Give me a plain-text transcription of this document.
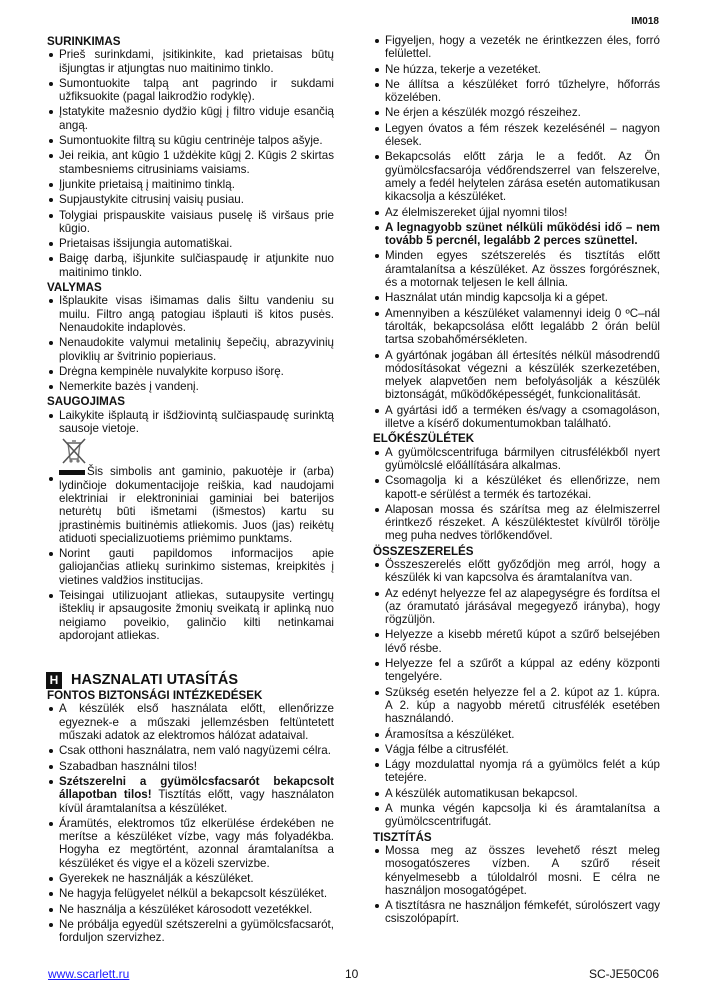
IM018
SURINKIMAS
Prieš surinkdami, įsitikinkite, kad prietaisas būtų išjungtas ir atjungtas nuo maitinimo tinklo.
Sumontuokite talpą ant pagrindo ir sukdami užfiksuokite (pagal laikrodžio rodyklę).
Įstatykite mažesnio dydžio kūgį į filtro viduje esančią angą.
Sumontuokite filtrą su kūgiu centrinėje talpos ašyje.
Jei reikia, ant kūgio 1 uždėkite kūgį 2. Kūgis 2 skirtas stambesniems citrusiniams vaisiams.
Įjunkite prietaisą į maitinimo tinklą.
Supjaustykite citrusinį vaisių pusiau.
Tolygiai prispauskite vaisiaus puselę iš viršaus prie kūgio.
Prietaisas išsijungia automatiškai.
Baigę darbą, išjunkite sulčiaspaudę ir atjunkite nuo maitinimo tinklo.
VALYMAS
Išplaukite visas išimamas dalis šiltu vandeniu su muilu. Filtro angą patogiau išplauti iš kitos pusės. Nenaudokite indaplovės.
Nenaudokite valymui metalinių šepečių, abrazyvinių ploviklių ar švitrinio popieriaus.
Drėgna kempinėle nuvalykite korpuso išorę.
Nemerkite bazės į vandenį.
SAUGOJIMAS
Laikykite išplautą ir išdžiovintą sulčiaspaudę surinktą sausoje vietoje.
Šis simbolis ant gaminio, pakuotėje ir (arba) lydinčioje dokumentacijoje reiškia, kad naudojami elektriniai ir elektroniniai gaminiai bei baterijos neturėtų būti išmetami (išmestos) kartu su įprastinėmis buitinėmis atliekomis. Juos (jas) reikėtų atiduoti specializuotiems priėmimo punktams.
Norint gauti papildomos informacijos apie galiojančias atliekų surinkimo sistemas, kreipkitės į vietines valdžios institucijas.
Teisingai utilizuojant atliekas, sutaupysite vertingų išteklių ir apsaugosite žmonių sveikatą ir aplinką nuo neigiamo poveikio, galinčio kilti netinkamai apdorojant atliekas.
H HASZNALATI UTASÍTÁS
FONTOS BIZTONSÁGI INTÉZKEDÉSEK
A készülék első használata előtt, ellenőrizze egyeznek-e a műszaki jellemzésben feltüntetett műszaki adatok az elektromos hálózat adataival.
Csak otthoni használatra, nem való nagyüzemi célra.
Szabadban használni tilos!
Szétszerelni a gyümölcsfacsarót bekapcsolt állapotban tilos! Tisztítás előtt, vagy használaton kívül áramtalanítsa a készüléket.
Áramütés, elektromos tűz elkerülése érdekében ne merítse a készüléket vízbe, vagy más folyadékba. Hogyha ez megtörtént, azonnal áramtalanítsa a készüléket és vigye el a közeli szervizbe.
Gyerekek ne használják a készüléket.
Ne hagyja felügyelet nélkül a bekapcsolt készüléket.
Ne használja a készüléket károsodott vezetékkel.
Ne próbálja egyedül szétszerelni a gyümölcsfacsarót, forduljon szervizhez.
Figyeljen, hogy a vezeték ne érintkezzen éles, forró felülettel.
Ne húzza, tekerje a vezetéket.
Ne állítsa a készüléket forró tűzhelyre, hőforrás közelében.
Ne érjen a készülék mozgó részeihez.
Legyen óvatos a fém részek kezelésénél – nagyon élesek.
Bekapcsolás előtt zárja le a fedőt. Az Ön gyümölcsfacsarója védőrendszerrel van felszerelve, amely a fedél helytelen zárása esetén automatikusan kikacsolja a készüléket.
Az élelmiszereket újjal nyomni tilos!
A legnagyobb szünet nélküli működési idő – nem tovább 5 percnél, legalább 2 perces szünettel.
Minden egyes szétszerelés és tisztítás előtt áramtalanítsa a készüléket. Az összes forgórésznek, és a motornak teljesen le kell állnia.
Használat után mindig kapcsolja ki a gépet.
Amennyiben a készüléket valamennyi ideig 0 ºC–nál tárolták, bekapcsolása előtt legalább 2 órán belül tartsa szobahőmérsékleten.
A gyártónak jogában áll értesítés nélkül másodrendű módosításokat végezni a készülék szerkezetében, melyek alapvetően nem befolyásolják a készülék biztonságát, működőképességét, funkcionalitását.
A gyártási idő a terméken és/vagy a csomagoláson, illetve a kísérő dokumentumokban található.
ELŐKÉSZÜLÉTEK
A gyümölcscentrifuga bármilyen citrusfélékből nyert gyümölcslé előállítására alkalmas.
Csomagolja ki a készüléket és ellenőrizze, nem kapott-e sérülést a termék és tartozékai.
Alaposan mossa és szárítsa meg az élelmiszerrel érintkező részeket. A készüléktestet kívülről törölje meg puha nedves törlőkendővel.
ÖSSZESZERELÉS
Összeszerelés előtt győződjön meg arról, hogy a készülék ki van kapcsolva és áramtalanítva van.
Az edényt helyezze fel az alapegységre és fordítsa el (az óramutató járásával megegyező irányba), hogy rögzüljön.
Helyezze a kisebb méretű kúpot a szűrő belsejében lévő résbe.
Helyezze fel a szűrőt a kúppal az edény központi tengelyére.
Szükség esetén helyezze fel a 2. kúpot az 1. kúpra. A 2. kúp a nagyobb méretű citrusfélék esetében használandó.
Áramosítsa a készüléket.
Vágja félbe a citrusfélét.
Lágy mozdulattal nyomja rá a gyümölcs felét a kúp tetejére.
A készülék automatikusan bekapcsol.
A munka végén kapcsolja ki és áramtalanítsa a gyümölcscentrifugát.
TISZTÍTÁS
Mossa meg az összes levehető részt meleg mosogatószeres vízben. A szűrő réseit kényelmesebb a túloldalról mosni. E célra ne használjon mosogatógépet.
A tisztításra ne használjon fémkefét, súrolószert vagy csiszolópapírt.
www.scarlett.ru	10	SC-JE50C06
